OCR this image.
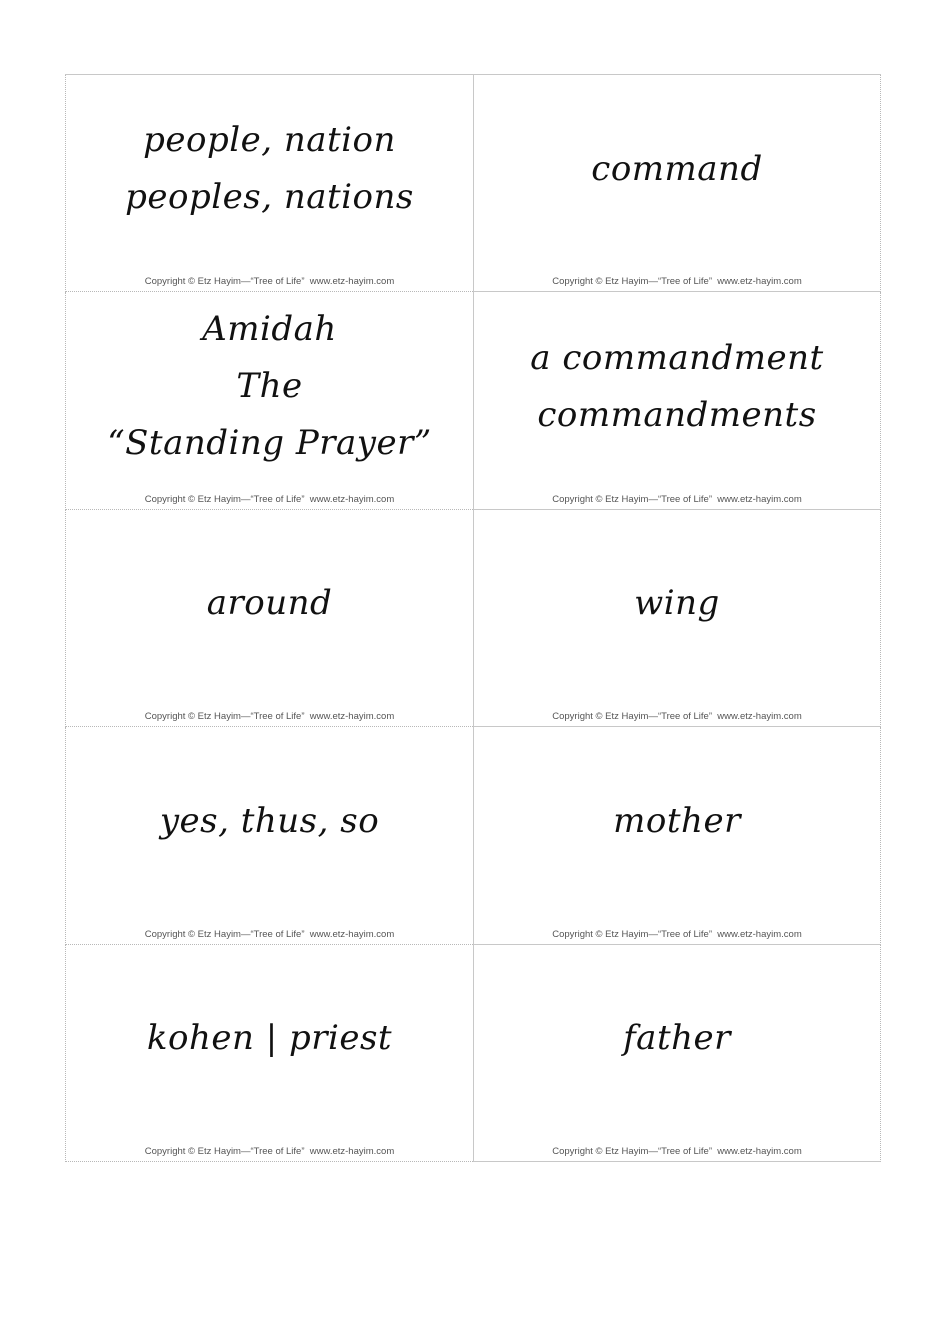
people, nation
peoples, nations
Copyright © Etz Hayim—“Tree of Life”  www.etz-hayim.com
command
Copyright © Etz Hayim—“Tree of Life”  www.etz-hayim.com
Amidah
The
“Standing Prayer”
Copyright © Etz Hayim—“Tree of Life”  www.etz-hayim.com
a commandment
commandments
Copyright © Etz Hayim—“Tree of Life”  www.etz-hayim.com
around
Copyright © Etz Hayim—“Tree of Life”  www.etz-hayim.com
wing
Copyright © Etz Hayim—“Tree of Life”  www.etz-hayim.com
yes, thus, so
Copyright © Etz Hayim—“Tree of Life”  www.etz-hayim.com
mother
Copyright © Etz Hayim—“Tree of Life”  www.etz-hayim.com
kohen | priest
Copyright © Etz Hayim—“Tree of Life”  www.etz-hayim.com
father
Copyright © Etz Hayim—“Tree of Life”  www.etz-hayim.com
